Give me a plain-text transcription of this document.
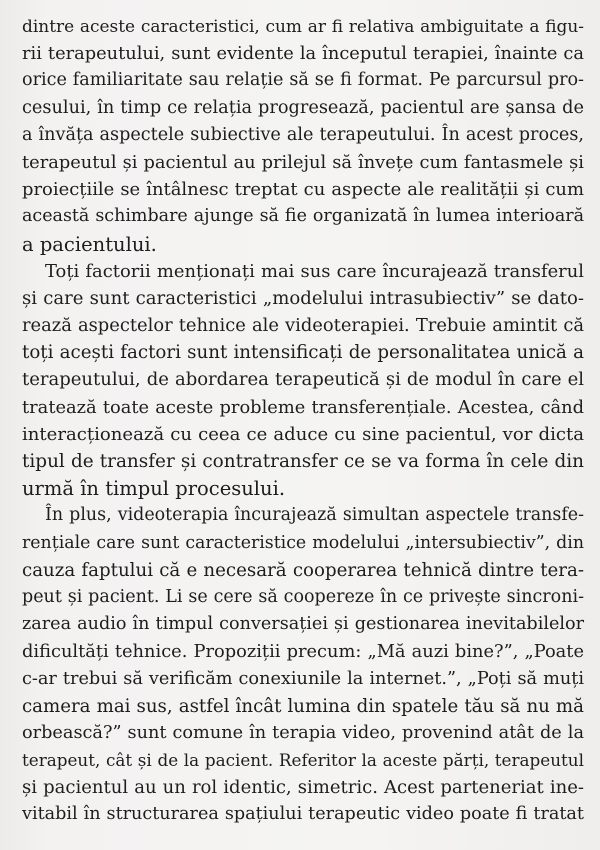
dintre aceste caracteristici, cum ar fi relativa ambiguitate a figu-
rii terapeutului, sunt evidente la începutul terapiei, înainte ca
orice familiaritate sau relație să se fi format. Pe parcursul pro-
cesului, în timp ce relația progresează, pacientul are șansa de
a învăța aspectele subiective ale terapeutului. În acest proces,
terapeutul și pacientul au prilejul să învețe cum fantasmele și
proiecțiile se întâlnesc treptat cu aspecte ale realității și cum
această schimbare ajunge să fie organizată în lumea interioară
a pacientului.
Toți factorii menționați mai sus care încurajează transferul
și care sunt caracteristici „modelului intrasubiectiv” se dato-
rează aspectelor tehnice ale videoterapiei. Trebuie amintit că
toți acești factori sunt intensificați de personalitatea unică a
terapeutului, de abordarea terapeutică și de modul în care el
tratează toate aceste probleme transferențiale. Acestea, când
interacționează cu ceea ce aduce cu sine pacientul, vor dicta
tipul de transfer și contratransfer ce se va forma în cele din
urmă în timpul procesului.
În plus, videoterapia încurajează simultan aspectele transfe-
rențiale care sunt caracteristice modelului „intersubiectiv”, din
cauza faptului că e necesară cooperarea tehnică dintre tera-
peut și pacient. Li se cere să coopereze în ce privește sincroni-
zarea audio în timpul conversației și gestionarea inevitabilelor
dificultăți tehnice. Propoziții precum: „Mă auzi bine?”, „Poate
c-ar trebui să verificăm conexiunile la internet.”, „Poți să muți
camera mai sus, astfel încât lumina din spatele tău să nu mă
orbească?” sunt comune în terapia video, provenind atât de la
terapeut, cât și de la pacient. Referitor la aceste părți, terapeutul
și pacientul au un rol identic, simetric. Acest parteneriat ine-
vitabil în structurarea spațiului terapeutic video poate fi tratat
